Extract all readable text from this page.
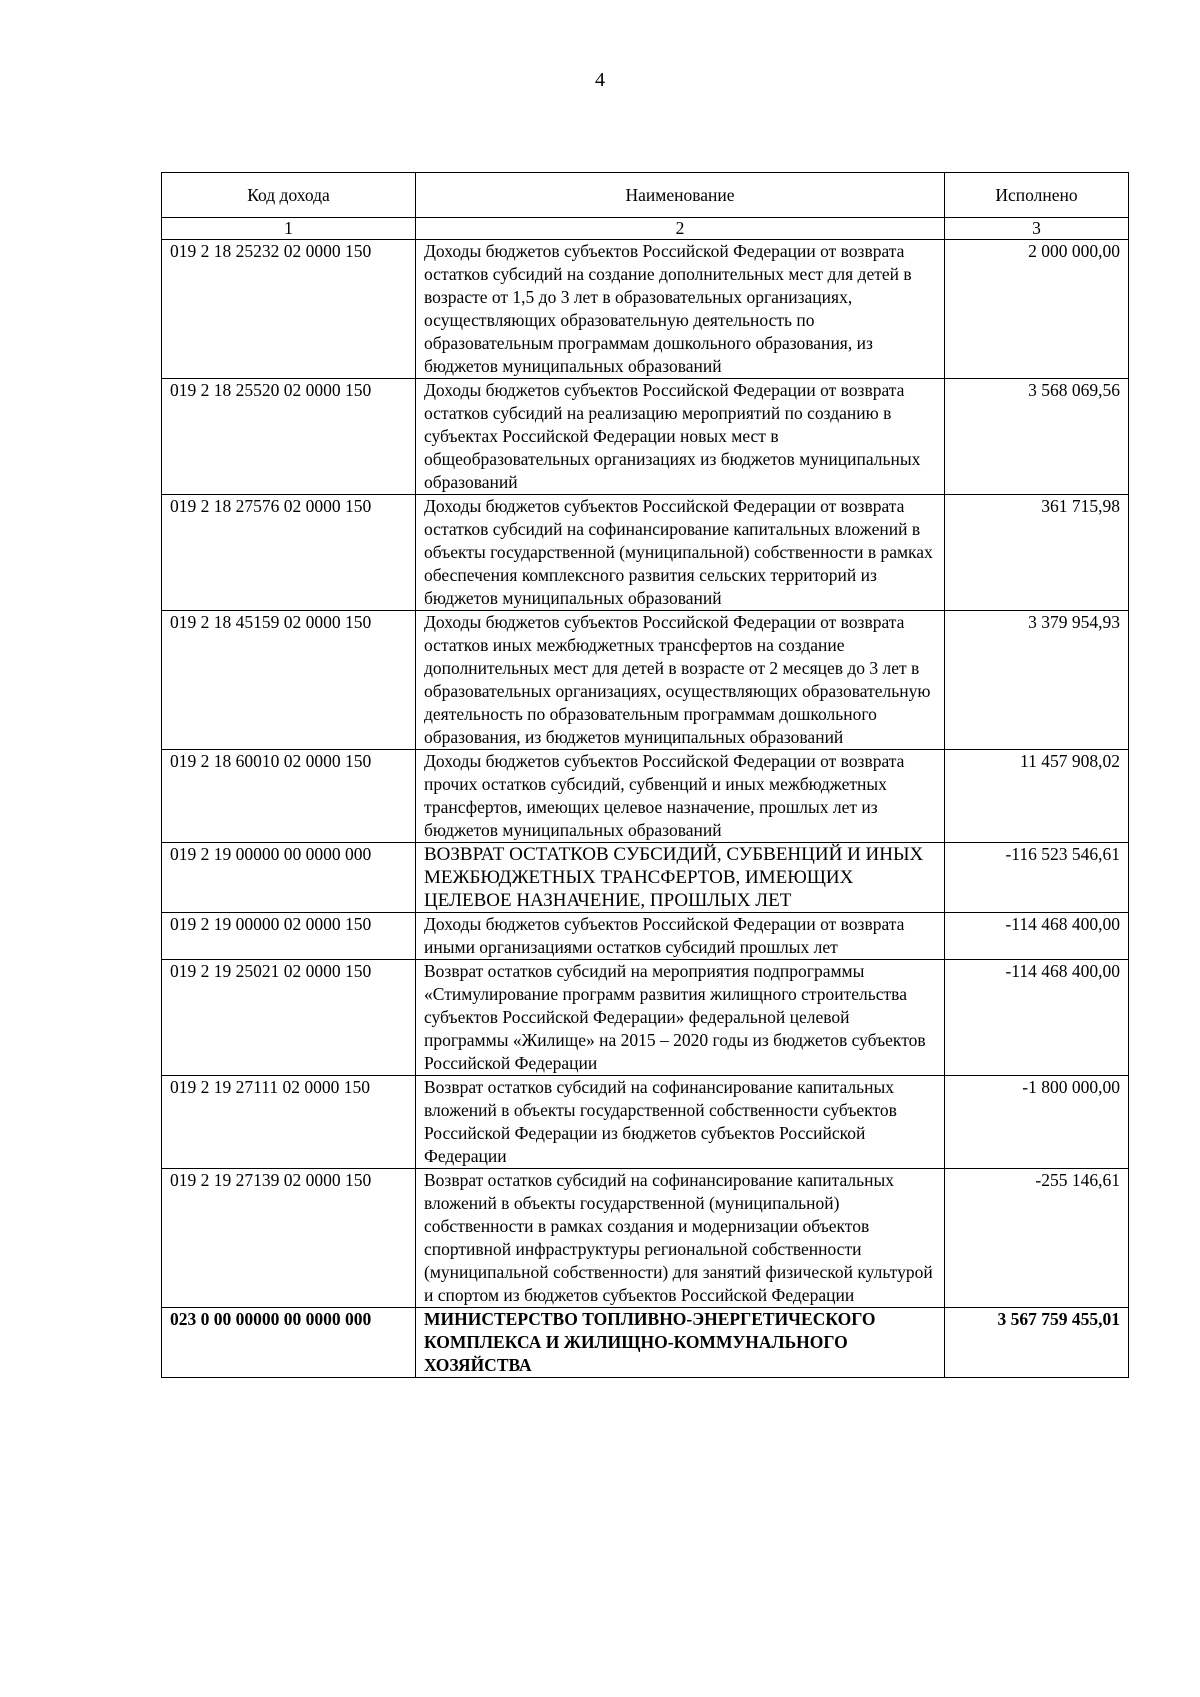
4
Код дохода	Наименование	Исполнено
1	2	3
019 2 18 25232 02 0000 150	Доходы бюджетов субъектов Российской Федерации от возврата остатков субсидий на создание дополнительных мест для детей в возрасте от 1,5 до 3 лет в образовательных организациях, осуществляющих образовательную деятельность по образовательным программам дошкольного образования, из бюджетов муниципальных образований	2 000 000,00
019 2 18 25520 02 0000 150	Доходы бюджетов субъектов Российской Федерации от возврата остатков субсидий на реализацию мероприятий по созданию в субъектах Российской Федерации новых мест в общеобразовательных организациях из бюджетов муниципальных образований	3 568 069,56
019 2 18 27576 02 0000 150	Доходы бюджетов субъектов Российской Федерации от возврата остатков субсидий на софинансирование капитальных вложений в объекты государственной (муниципальной) собственности в рамках обеспечения комплексного развития сельских территорий из бюджетов муниципальных образований	361 715,98
019 2 18 45159 02 0000 150	Доходы бюджетов субъектов Российской Федерации от возврата остатков иных межбюджетных трансфертов на создание дополнительных мест для детей в возрасте от 2 месяцев до 3 лет в образовательных организациях, осуществляющих образовательную деятельность по образовательным программам дошкольного образования, из бюджетов муниципальных образований	3 379 954,93
019 2 18 60010 02 0000 150	Доходы бюджетов субъектов Российской Федерации от возврата прочих остатков субсидий, субвенций и иных межбюджетных трансфертов, имеющих целевое назначение, прошлых лет из бюджетов муниципальных образований	11 457 908,02
019 2 19 00000 00 0000 000	ВОЗВРАТ ОСТАТКОВ СУБСИДИЙ, СУБВЕНЦИЙ И ИНЫХ МЕЖБЮДЖЕТНЫХ ТРАНСФЕРТОВ, ИМЕЮЩИХ ЦЕЛЕВОЕ НАЗНАЧЕНИЕ, ПРОШЛЫХ ЛЕТ	-116 523 546,61
019 2 19 00000 02 0000 150	Доходы бюджетов субъектов Российской Федерации от возврата иными организациями остатков субсидий прошлых лет	-114 468 400,00
019 2 19 25021 02 0000 150	Возврат остатков субсидий на мероприятия подпрограммы «Стимулирование программ развития жилищного строительства субъектов Российской Федерации» федеральной целевой программы «Жилище» на 2015 – 2020 годы из бюджетов субъектов Российской Федерации	-114 468 400,00
019 2 19 27111 02 0000 150	Возврат остатков субсидий на софинансирование капитальных вложений в объекты государственной собственности субъектов Российской Федерации из бюджетов субъектов Российской Федерации	-1 800 000,00
019 2 19 27139 02 0000 150	Возврат остатков субсидий на софинансирование капитальных вложений в объекты государственной (муниципальной) собственности в рамках создания и модернизации объектов спортивной инфраструктуры региональной собственности (муниципальной собственности) для занятий физической культурой и спортом из бюджетов субъектов Российской Федерации	-255 146,61
023 0 00 00000 00 0000 000	МИНИСТЕРСТВО ТОПЛИВНО-ЭНЕРГЕТИЧЕСКОГО КОМПЛЕКСА И ЖИЛИЩНО-КОММУНАЛЬНОГО ХОЗЯЙСТВА	3 567 759 455,01
